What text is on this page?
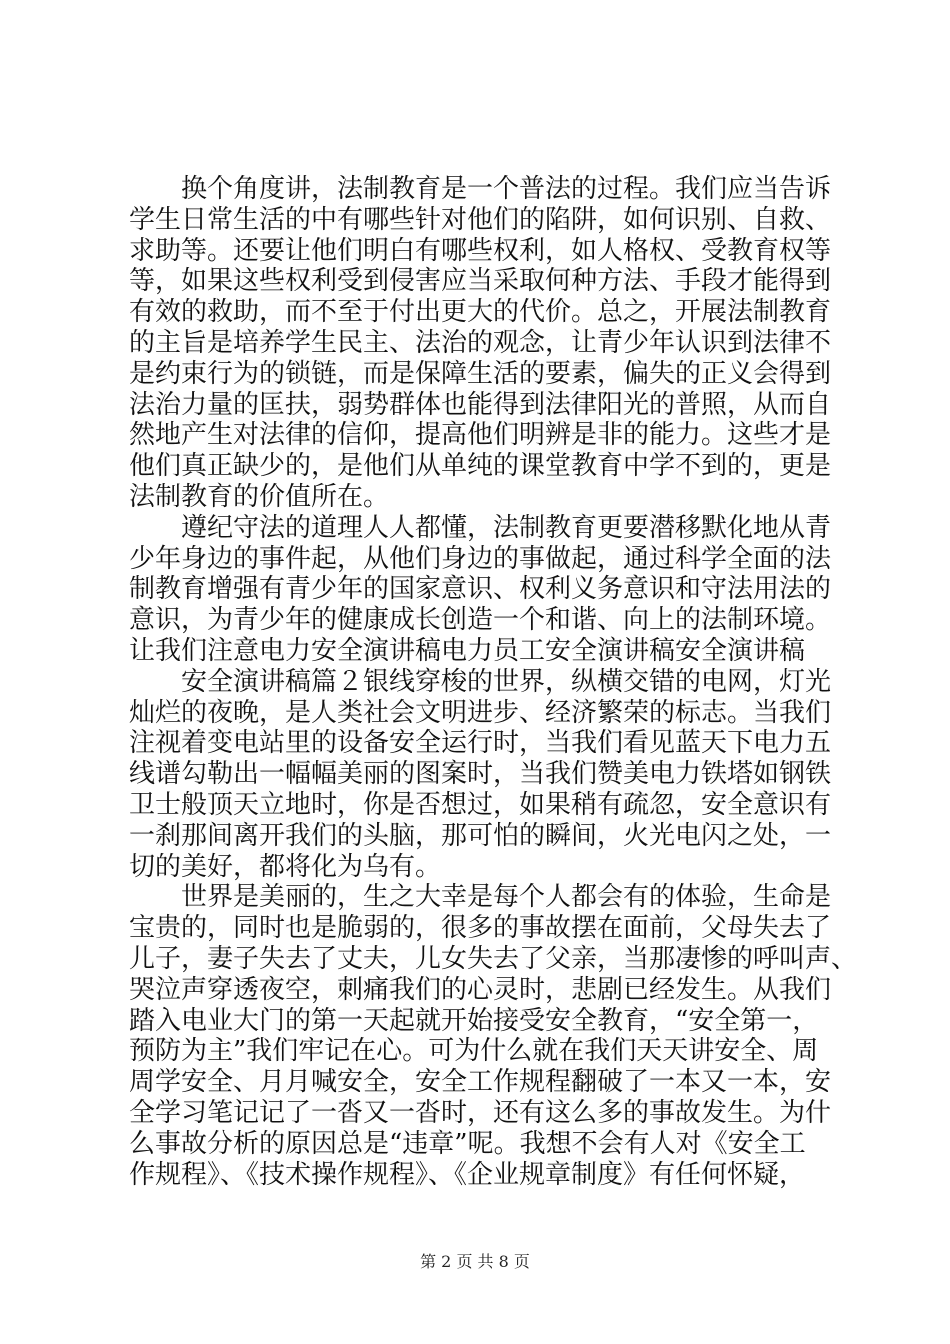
换个角度讲，法制教育是一个普法的过程。我们应当告诉
学生日常生活的中有哪些针对他们的陷阱，如何识别、自救、
求助等。还要让他们明白有哪些权利，如人格权、受教育权等
等，如果这些权利受到侵害应当采取何种方法、手段才能得到
有效的救助，而不至于付出更大的代价。总之，开展法制教育
的主旨是培养学生民主、法治的观念，让青少年认识到法律不
是约束行为的锁链，而是保障生活的要素，偏失的正义会得到
法治力量的匡扶，弱势群体也能得到法律阳光的普照，从而自
然地产生对法律的信仰，提高他们明辨是非的能力。这些才是
他们真正缺少的，是他们从单纯的课堂教育中学不到的，更是
法制教育的价值所在。
遵纪守法的道理人人都懂，法制教育更要潜移默化地从青
少年身边的事件起，从他们身边的事做起，通过科学全面的法
制教育增强有青少年的国家意识、权利义务意识和守法用法的
意识，为青少年的健康成长创造一个和谐、向上的法制环境。
让我们注意电力安全演讲稿电力员工安全演讲稿安全演讲稿
安全演讲稿篇２银线穿梭的世界，纵横交错的电网，灯光
灿烂的夜晚，是人类社会文明进步、经济繁荣的标志。当我们
注视着变电站里的设备安全运行时，当我们看见蓝天下电力五
线谱勾勒出一幅幅美丽的图案时，当我们赞美电力铁塔如钢铁
卫士般顶天立地时，你是否想过，如果稍有疏忽，安全意识有
一刹那间离开我们的头脑，那可怕的瞬间，火光电闪之处，一
切的美好，都将化为乌有。
世界是美丽的，生之大幸是每个人都会有的体验，生命是
宝贵的，同时也是脆弱的，很多的事故摆在面前，父母失去了
儿子，妻子失去了丈夫，儿女失去了父亲，当那凄惨的呼叫声、
哭泣声穿透夜空，刺痛我们的心灵时，悲剧已经发生。从我们
踏入电业大门的第一天起就开始接受安全教育，“安全第一，
预防为主”我们牢记在心。可为什么就在我们天天讲安全、周
周学安全、月月喊安全，安全工作规程翻破了一本又一本，安
全学习笔记记了一沓又一沓时，还有这么多的事故发生。为什
么事故分析的原因总是“违章”呢。我想不会有人对《安全工
作规程》、《技术操作规程》、《企业规章制度》有任何怀疑，
第 2 页 共 8 页
